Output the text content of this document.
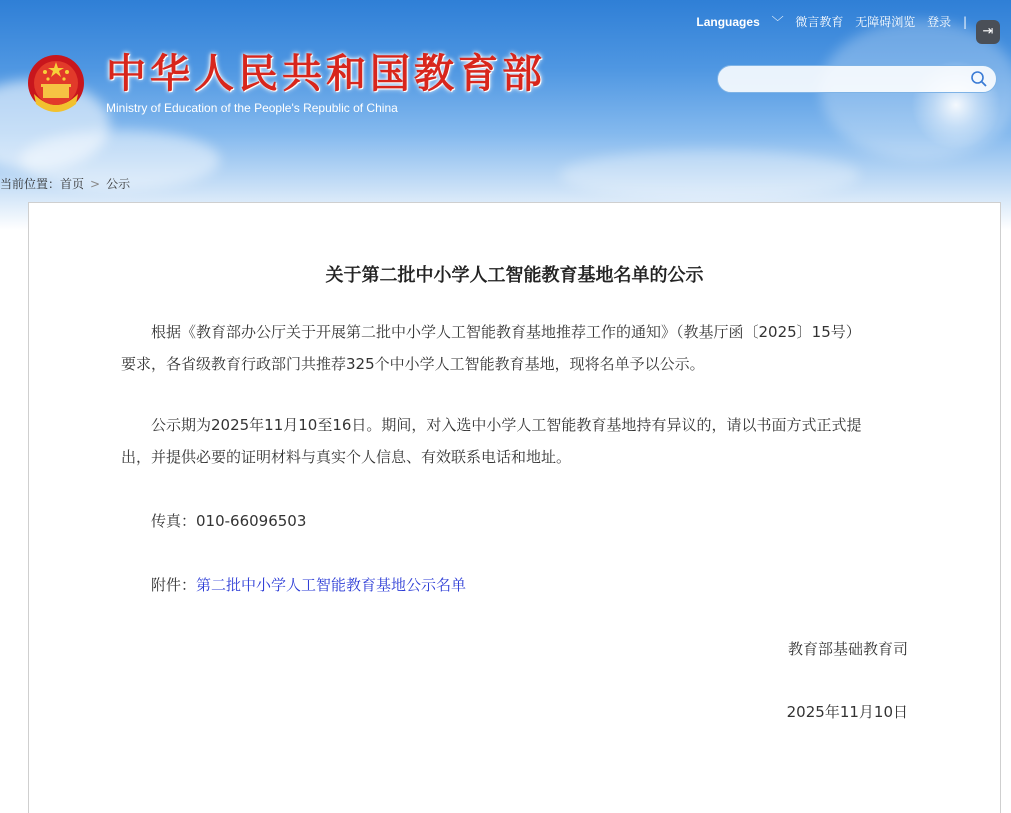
中华人民共和国教育部
Ministry of Education of the People's Republic of China
Languages ﹀ 微言教育 无障碍浏览 登录 |
⇥
当前位置：首页 > 公示
关于第二批中小学人工智能教育基地名单的公示
根据《教育部办公厅关于开展第二批中小学人工智能教育基地推荐工作的通知》（教基厅函〔2025〕15号）
要求，各省级教育行政部门共推荐325个中小学人工智能教育基地，现将名单予以公示。
公示期为2025年11月10至16日。期间，对入选中小学人工智能教育基地持有异议的，请以书面方式正式提
出，并提供必要的证明材料与真实个人信息、有效联系电话和地址。
传真：010-66096503
附件：第二批中小学人工智能教育基地公示名单
教育部基础教育司
2025年11月10日
